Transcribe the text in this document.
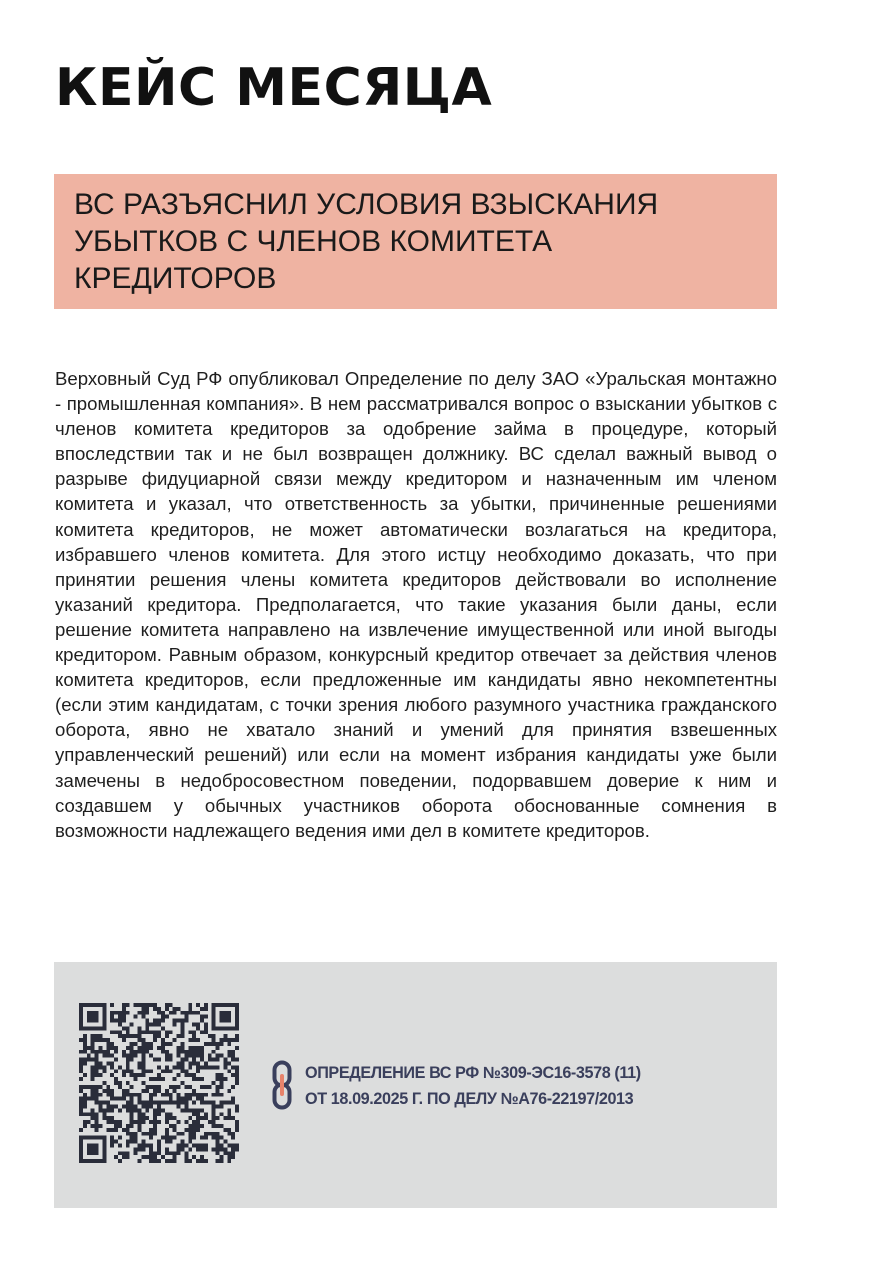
КЕЙС МЕСЯЦА

ВС РАЗЪЯСНИЛ УСЛОВИЯ ВЗЫСКАНИЯ УБЫТКОВ С ЧЛЕНОВ КОМИТЕТА КРЕДИТОРОВ

Верховный Суд РФ опубликовал Определение по делу ЗАО «Уральская монтажно - промышленная компания». В нем рассматривался вопрос о взыскании убытков с членов комитета кредиторов за одобрение займа в процедуре, который впоследствии так и не был возвращен должнику. ВС сделал важный вывод о разрыве фидуциарной связи между кредитором и назначенным им членом комитета и указал, что ответственность за убытки, причиненные решениями комитета кредиторов, не может автоматически возлагаться на кредитора, избравшего членов комитета. Для этого истцу необходимо доказать, что при принятии решения члены комитета кредиторов действовали во исполнение указаний кредитора. Предполагается, что такие указания были даны, если решение комитета направлено на извлечение имущественной или иной выгоды кредитором. Равным образом, конкурсный кредитор отвечает за действия членов комитета кредиторов, если предложенные им кандидаты явно некомпетентны (если этим кандидатам, с точки зрения любого разумного участника гражданского оборота, явно не хватало знаний и умений для принятия взвешенных управленческий решений) или если на момент избрания кандидаты уже были замечены в недобросовестном поведении, подорвавшем доверие к ним и создавшем у обычных участников оборота обоснованные сомнения в возможности надлежащего ведения ими дел в комитете кредиторов.

ОПРЕДЕЛЕНИЕ ВС РФ №309-ЭС16-3578 (11)
ОТ 18.09.2025 Г. ПО ДЕЛУ №А76-22197/2013
